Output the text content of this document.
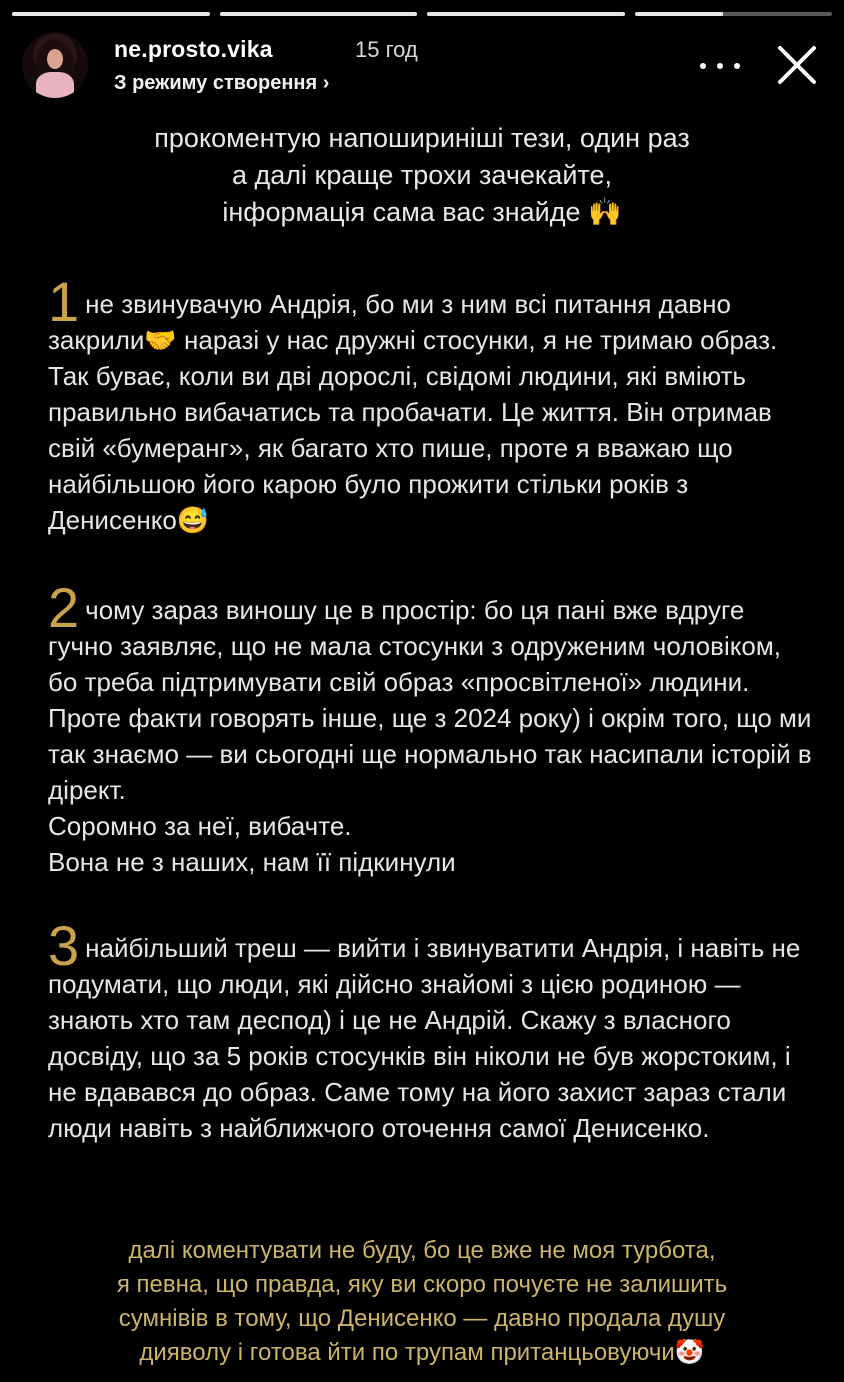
ne.prosto.vika	15 год
З режиму створення ›
прокоментую напошириніші тези, один раз
а далі краще трохи зачекайте,
інформація сама вас знайде 🙌
1 не звинувачую Андрія, бо ми з ним всі питання давно закрили🤝 наразі у нас дружні стосунки, я не тримаю образ. Так буває, коли ви дві дорослі, свідомі людини, які вміють правильно вибачатись та пробачати. Це життя. Він отримав свій «бумеранг», як багато хто пише, проте я вважаю що найбільшою його карою було прожити стільки років з Денисенко😅
2 чому зараз виношу це в простір: бо ця пані вже вдруге гучно заявляє, що не мала стосунки з одруженим чоловіком, бо треба підтримувати свій образ «просвітленої» людини. Проте факти говорять інше, ще з 2024 року) і окрім того, що ми так знаємо — ви сьогодні ще нормально так насипали історій в дірект.
Соромно за неї, вибачте.
Вона не з наших, нам її підкинули
3 найбільший треш — вийти і звинуватити Андрія, і навіть не подумати, що люди, які дійсно знайомі з цією родиною — знають хто там деспод) і це не Андрій. Скажу з власного досвіду, що за 5 років стосунків він ніколи не був жорстоким, і не вдавався до образ. Саме тому на його захист зараз стали люди навіть з найближчого оточення самої Денисенко.
далі коментувати не буду, бо це вже не моя турбота,
я певна, що правда, яку ви скоро почуєте не залишить
сумнівів в тому, що Денисенко — давно продала душу
дияволу і готова йти по трупам пританцьовуючи🤡
